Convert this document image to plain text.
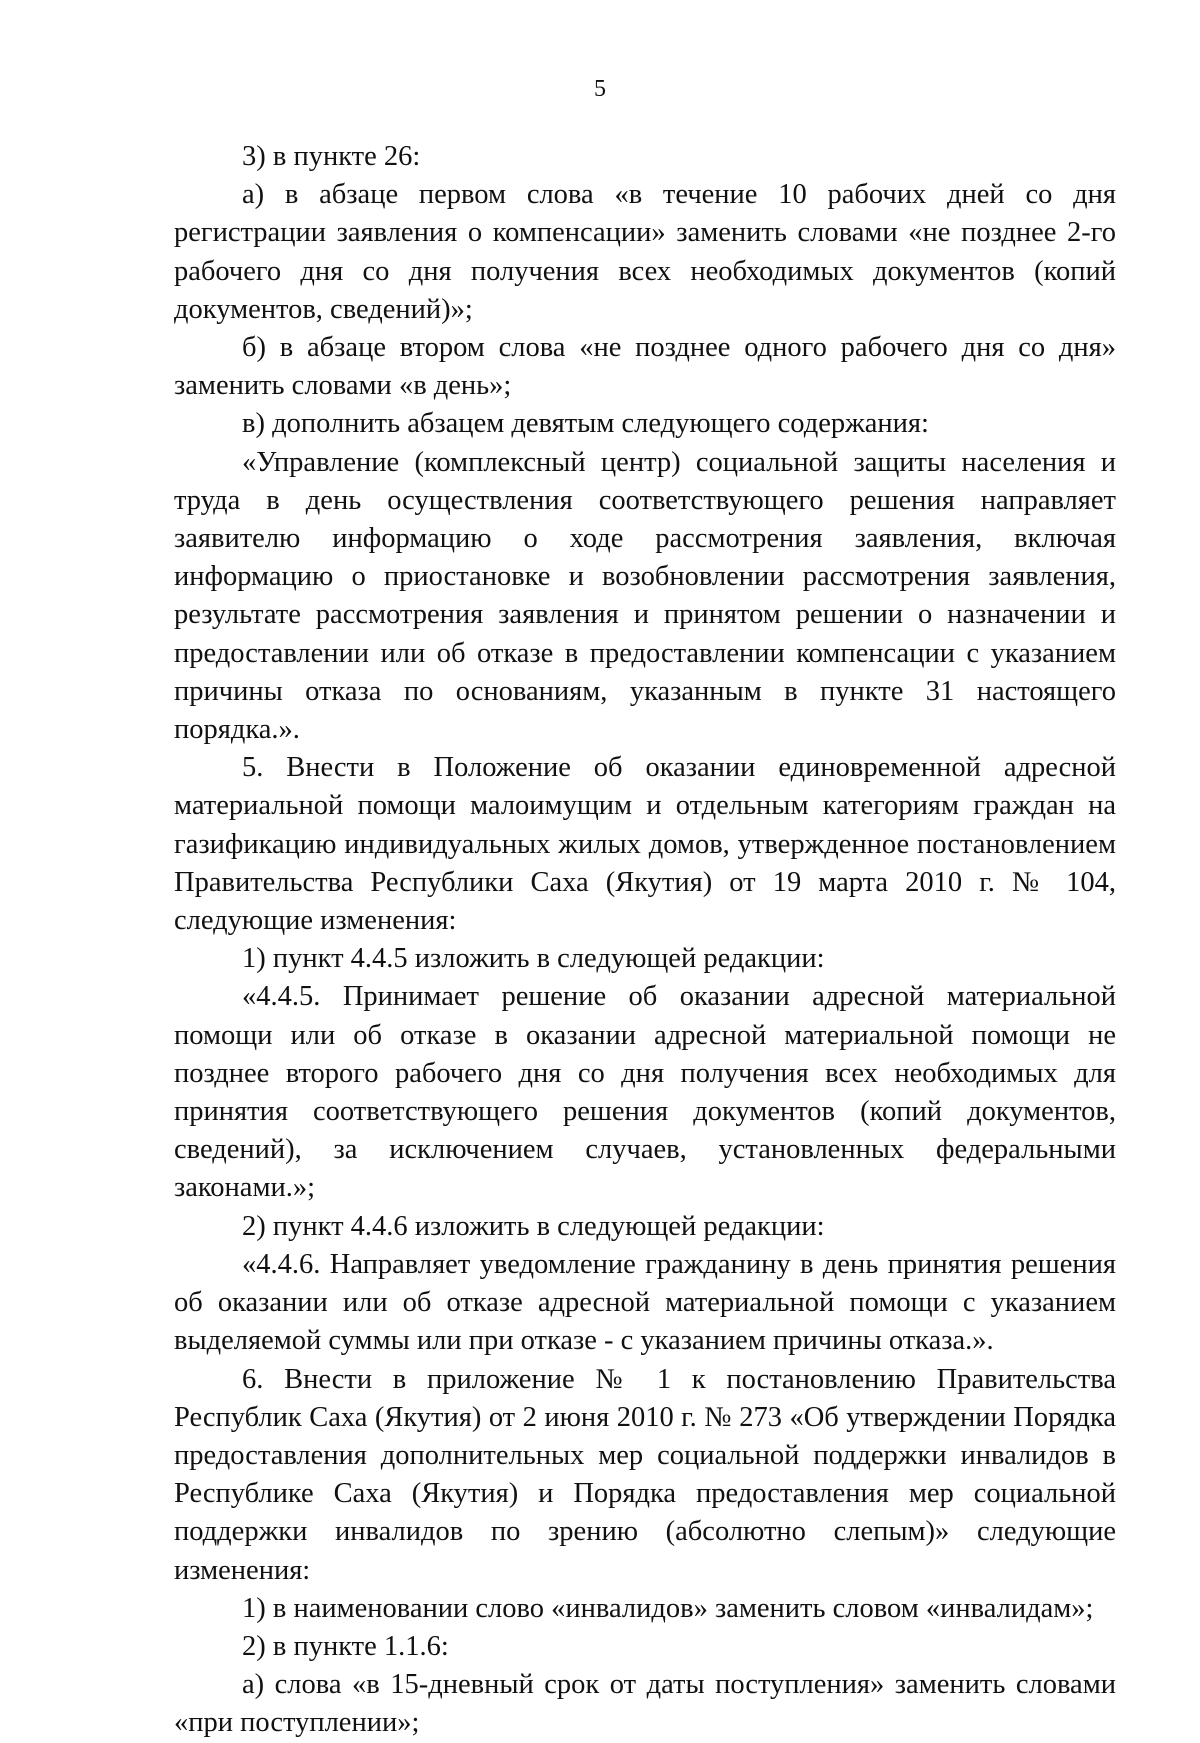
5

3) в пункте 26:

а) в абзаце первом слова «в течение 10 рабочих дней со дня регистрации заявления о компенсации» заменить словами «не позднее 2-го рабочего дня со дня получения всех необходимых документов (копий документов, сведений)»;

б) в абзаце втором слова «не позднее одного рабочего дня со дня» заменить словами «в день»;

в) дополнить абзацем девятым следующего содержания:

«Управление (комплексный центр) социальной защиты населения и труда в день осуществления соответствующего решения направляет заявителю информацию о ходе рассмотрения заявления, включая информацию о приостановке и возобновлении рассмотрения заявления, результате рассмотрения заявления и принятом решении о назначении и предоставлении или об отказе в предоставлении компенсации с указанием причины отказа по основаниям, указанным в пункте 31 настоящего порядка.».

5. Внести в Положение об оказании единовременной адресной материальной помощи малоимущим и отдельным категориям граждан на газификацию индивидуальных жилых домов, утвержденное постановлением Правительства Республики Саха (Якутия) от 19 марта 2010 г. № 104, следующие изменения:

1) пункт 4.4.5 изложить в следующей редакции:

«4.4.5. Принимает решение об оказании адресной материальной помощи или об отказе в оказании адресной материальной помощи не позднее второго рабочего дня со дня получения всех необходимых для принятия соответствующего решения документов (копий документов, сведений), за исключением случаев, установленных федеральными законами.»;

2) пункт 4.4.6 изложить в следующей редакции:

«4.4.6. Направляет уведомление гражданину в день принятия решения об оказании или об отказе адресной материальной помощи с указанием выделяемой суммы или при отказе - с указанием причины отказа.».

6. Внести в приложение № 1 к постановлению Правительства Республик Саха (Якутия) от 2 июня 2010 г. № 273 «Об утверждении Порядка предоставления дополнительных мер социальной поддержки инвалидов в Республике Саха (Якутия) и Порядка предоставления мер социальной поддержки инвалидов по зрению (абсолютно слепым)» следующие изменения:

1) в наименовании слово «инвалидов» заменить словом «инвалидам»;

2) в пункте 1.1.6:

а) слова «в 15-дневный срок от даты поступления» заменить словами «при поступлении»;
